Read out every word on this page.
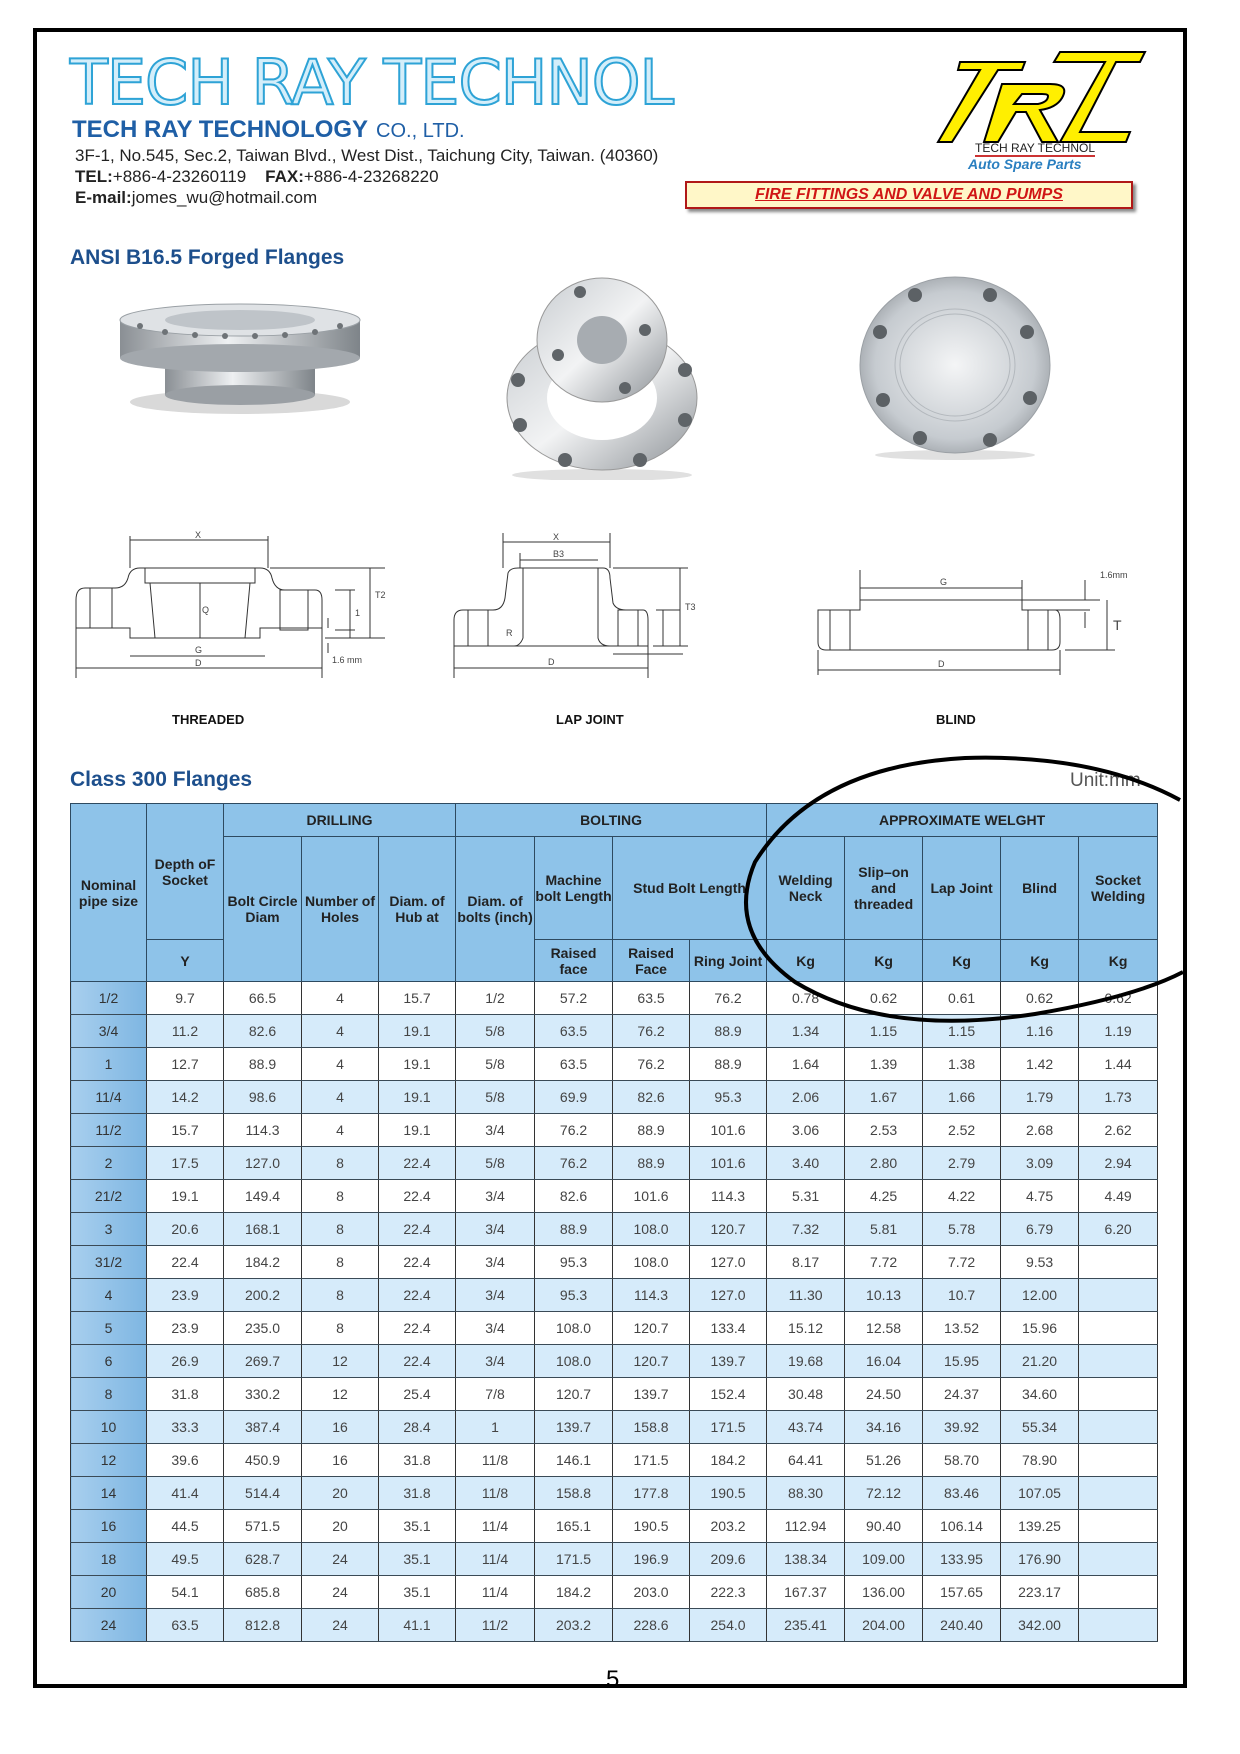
TECH RAY TECHNOL
TECH RAY TECHNOLOGY CO., LTD.
3F-1, No.545, Sec.2, Taiwan Blvd., West Dist., Taichung City, Taiwan. (40360)
TEL:+886-4-23260119 FAX:+886-4-23268220
E-mail:jomes_wu@hotmail.com
TECH RAY TECHNOL
Auto Spare Parts
FIRE FITTINGS AND VALVE AND PUMPS
ANSI B16.5 Forged Flanges
X
Q
G
D
T2
1
1.6 mm
THREADED
X
B3
R
D
T3
LAP JOINT
G
D
T
1.6mm
BLIND
Class 300 Flanges	Unit:mm
Nominal pipe size	Depth oF Socket	DRILLING			BOLTING				APPROXIMATE WELGHT				
		Bolt Circle Diam	Number of Holes	Diam. of Hub at	Diam. of bolts (inch)	Machine bolt Length	Stud Bolt Length		Welding Neck	Slip–on and threaded	Lap Joint	Blind	Socket Welding
	Y					Raised face	Raised Face	Ring Joint	Kg	Kg	Kg	Kg	Kg
1/2	9.7	66.5	4	15.7	1/2	57.2	63.5	76.2	0.78	0.62	0.61	0.62	0.62
3/4	11.2	82.6	4	19.1	5/8	63.5	76.2	88.9	1.34	1.15	1.15	1.16	1.19
1	12.7	88.9	4	19.1	5/8	63.5	76.2	88.9	1.64	1.39	1.38	1.42	1.44
11/4	14.2	98.6	4	19.1	5/8	69.9	82.6	95.3	2.06	1.67	1.66	1.79	1.73
11/2	15.7	114.3	4	19.1	3/4	76.2	88.9	101.6	3.06	2.53	2.52	2.68	2.62
2	17.5	127.0	8	22.4	5/8	76.2	88.9	101.6	3.40	2.80	2.79	3.09	2.94
21/2	19.1	149.4	8	22.4	3/4	82.6	101.6	114.3	5.31	4.25	4.22	4.75	4.49
3	20.6	168.1	8	22.4	3/4	88.9	108.0	120.7	7.32	5.81	5.78	6.79	6.20
31/2	22.4	184.2	8	22.4	3/4	95.3	108.0	127.0	8.17	7.72	7.72	9.53	
4	23.9	200.2	8	22.4	3/4	95.3	114.3	127.0	11.30	10.13	10.7	12.00	
5	23.9	235.0	8	22.4	3/4	108.0	120.7	133.4	15.12	12.58	13.52	15.96	
6	26.9	269.7	12	22.4	3/4	108.0	120.7	139.7	19.68	16.04	15.95	21.20	
8	31.8	330.2	12	25.4	7/8	120.7	139.7	152.4	30.48	24.50	24.37	34.60	
10	33.3	387.4	16	28.4	1	139.7	158.8	171.5	43.74	34.16	39.92	55.34	
12	39.6	450.9	16	31.8	11/8	146.1	171.5	184.2	64.41	51.26	58.70	78.90	
14	41.4	514.4	20	31.8	11/8	158.8	177.8	190.5	88.30	72.12	83.46	107.05	
16	44.5	571.5	20	35.1	11/4	165.1	190.5	203.2	112.94	90.40	106.14	139.25	
18	49.5	628.7	24	35.1	11/4	171.5	196.9	209.6	138.34	109.00	133.95	176.90	
20	54.1	685.8	24	35.1	11/4	184.2	203.0	222.3	167.37	136.00	157.65	223.17	
24	63.5	812.8	24	41.1	11/2	203.2	228.6	254.0	235.41	204.00	240.40	342.00	
5
